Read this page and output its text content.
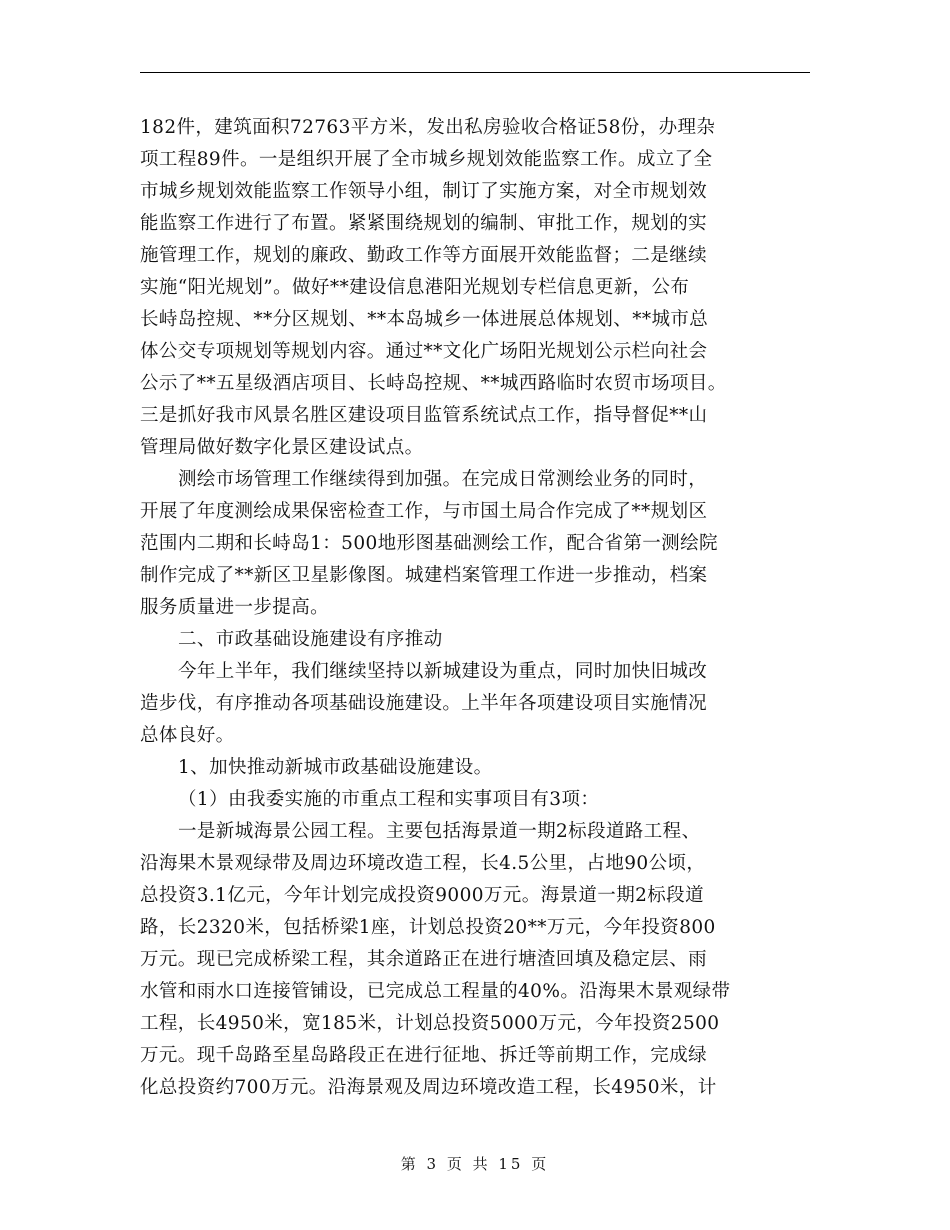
182件，建筑面积72763平方米，发出私房验收合格证58份，办理杂
项工程89件。一是组织开展了全市城乡规划效能监察工作。成立了全
市城乡规划效能监察工作领导小组，制订了实施方案，对全市规划效
能监察工作进行了布置。紧紧围绕规划的编制、审批工作，规划的实
施管理工作，规划的廉政、勤政工作等方面展开效能监督；二是继续
实施“阳光规划”。做好**建设信息港阳光规划专栏信息更新，公布
长峙岛控规、**分区规划、**本岛城乡一体进展总体规划、**城市总
体公交专项规划等规划内容。通过**文化广场阳光规划公示栏向社会
公示了**五星级酒店项目、长峙岛控规、**城西路临时农贸市场项目。
三是抓好我市风景名胜区建设项目监管系统试点工作，指导督促**山
管理局做好数字化景区建设试点。
测绘市场管理工作继续得到加强。在完成日常测绘业务的同时，
开展了年度测绘成果保密检查工作，与市国土局合作完成了**规划区
范围内二期和长峙岛1：500地形图基础测绘工作，配合省第一测绘院
制作完成了**新区卫星影像图。城建档案管理工作进一步推动，档案
服务质量进一步提高。
二、市政基础设施建设有序推动
今年上半年，我们继续坚持以新城建设为重点，同时加快旧城改
造步伐，有序推动各项基础设施建设。上半年各项建设项目实施情况
总体良好。
1、加快推动新城市政基础设施建设。
（1）由我委实施的市重点工程和实事项目有3项：
一是新城海景公园工程。主要包括海景道一期2标段道路工程、
沿海果木景观绿带及周边环境改造工程，长4.5公里，占地90公顷，
总投资3.1亿元，今年计划完成投资9000万元。海景道一期2标段道
路，长2320米，包括桥梁1座，计划总投资20**万元，今年投资800
万元。现已完成桥梁工程，其余道路正在进行塘渣回填及稳定层、雨
水管和雨水口连接管铺设，已完成总工程量的40%。沿海果木景观绿带
工程，长4950米，宽185米，计划总投资5000万元，今年投资2500
万元。现千岛路至星岛路段正在进行征地、拆迁等前期工作，完成绿
化总投资约700万元。沿海景观及周边环境改造工程，长4950米，计
第 3 页 共 15 页
